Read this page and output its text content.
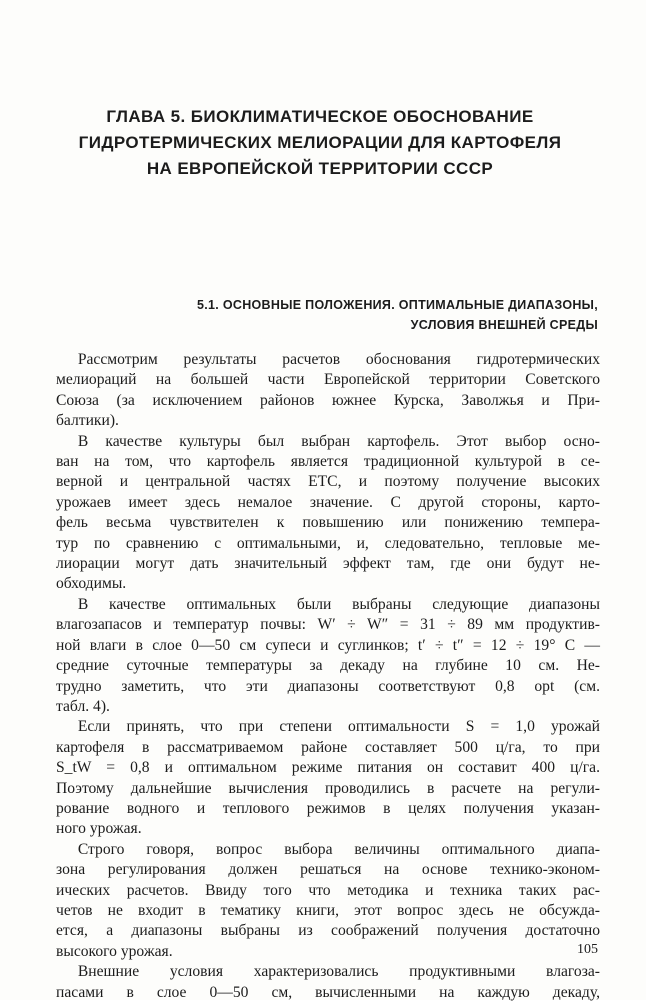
ГЛАВА 5. БИОКЛИМАТИЧЕСКОЕ ОБОСНОВАНИЕ
ГИДРОТЕРМИЧЕСКИХ МЕЛИОРАЦИИ ДЛЯ КАРТОФЕЛЯ
НА ЕВРОПЕЙСКОЙ ТЕРРИТОРИИ СССР
5.1. ОСНОВНЫЕ ПОЛОЖЕНИЯ. ОПТИМАЛЬНЫЕ ДИАПАЗОНЫ,
УСЛОВИЯ ВНЕШНЕЙ СРЕДЫ
Рассмотрим результаты расчетов обоснования гидротермических
мелиораций на большей части Европейской территории Советского
Союза (за исключением районов южнее Курска, Заволжья и При-
балтики).
В качестве культуры был выбран картофель. Этот выбор осно-
ван на том, что картофель является традиционной культурой в се-
верной и центральной частях ЕТС, и поэтому получение высоких
урожаев имеет здесь немалое значение. С другой стороны, карто-
фель весьма чувствителен к повышению или понижению темпера-
тур по сравнению с оптимальными, и, следовательно, тепловые ме-
лиорации могут дать значительный эффект там, где они будут не-
обходимы.
В качестве оптимальных были выбраны следующие диапазоны
влагозапасов и температур почвы: W′ ÷ W″ = 31 ÷ 89 мм продуктив-
ной влаги в слое 0—50 см супеси и суглинков; t′ ÷ t″ = 12 ÷ 19° C —
средние суточные температуры за декаду на глубине 10 см. Не-
трудно заметить, что эти диапазоны соответствуют 0,8 opt (см.
табл. 4).
Если принять, что при степени оптимальности S = 1,0 урожай
картофеля в рассматриваемом районе составляет 500 ц/га, то при
S_tW = 0,8 и оптимальном режиме питания он составит 400 ц/га.
Поэтому дальнейшие вычисления проводились в расчете на регули-
рование водного и теплового режимов в целях получения указан-
ного урожая.
Строго говоря, вопрос выбора величины оптимального диапа-
зона регулирования должен решаться на основе технико-эконом-
ических расчетов. Ввиду того что методика и техника таких рас-
четов не входит в тематику книги, этот вопрос здесь не обсужда-
ется, а диапазоны выбраны из соображений получения достаточно
высокого урожая.
Внешние условия характеризовались продуктивными влагоза-
пасами в слое 0—50 см, вычисленными на каждую декаду,
105
